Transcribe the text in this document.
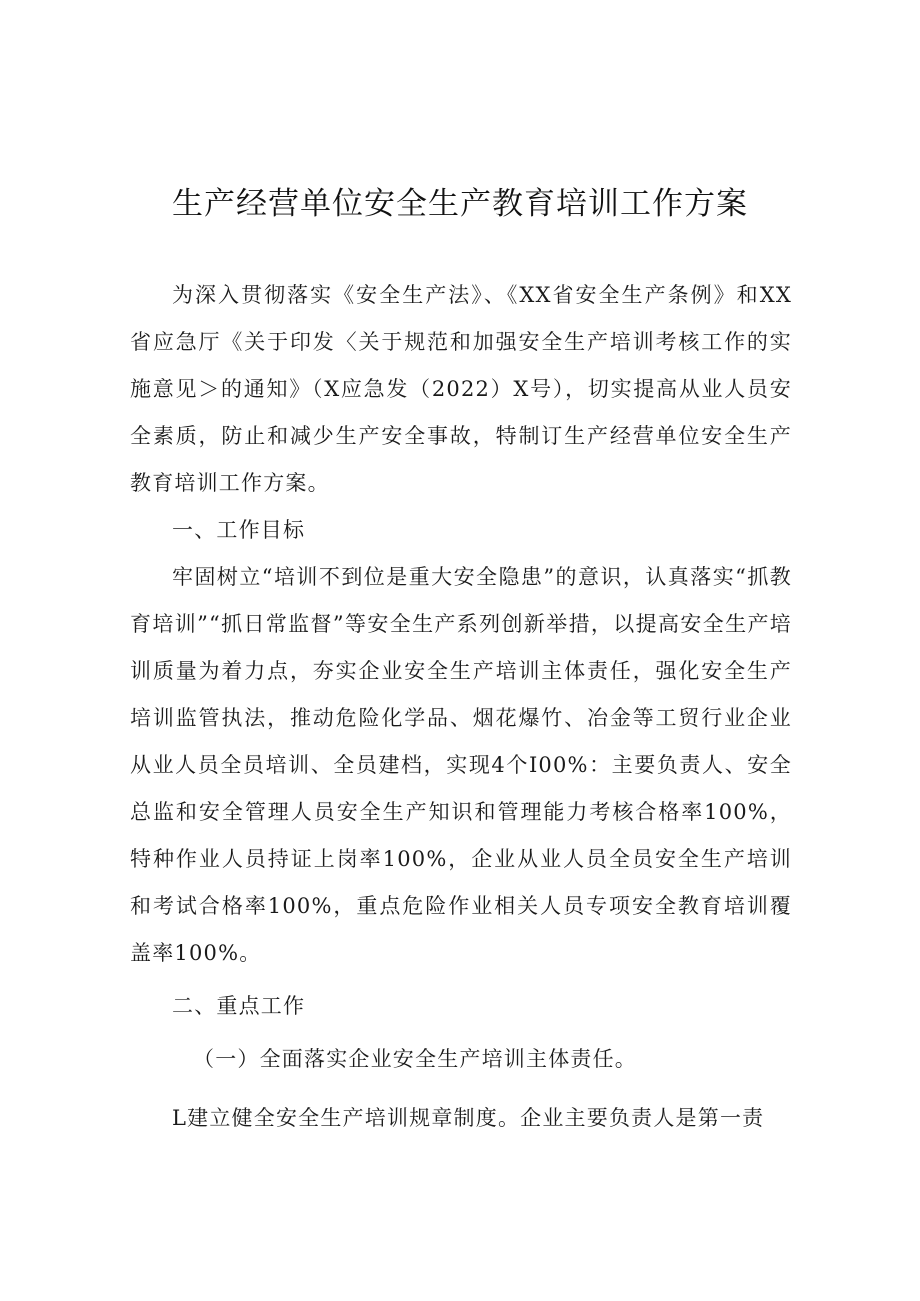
生产经营单位安全生产教育培训工作方案

为深入贯彻落实《安全生产法》、《XX省安全生产条例》和XX省应急厅《关于印发〈关于规范和加强安全生产培训考核工作的实施意见＞的通知》（X应急发（2022）X号），切实提高从业人员安全素质，防止和减少生产安全事故，特制订生产经营单位安全生产教育培训工作方案。

一、工作目标

牢固树立“培训不到位是重大安全隐患”的意识，认真落实“抓教育培训”“抓日常监督”等安全生产系列创新举措，以提高安全生产培训质量为着力点，夯实企业安全生产培训主体责任，强化安全生产培训监管执法，推动危险化学品、烟花爆竹、冶金等工贸行业企业从业人员全员培训、全员建档，实现4个I00%：主要负责人、安全总监和安全管理人员安全生产知识和管理能力考核合格率100%，特种作业人员持证上岗率100%，企业从业人员全员安全生产培训和考试合格率100%，重点危险作业相关人员专项安全教育培训覆盖率100%。

二、重点工作

（一）全面落实企业安全生产培训主体责任。

L建立健全安全生产培训规章制度。企业主要负责人是第一责
